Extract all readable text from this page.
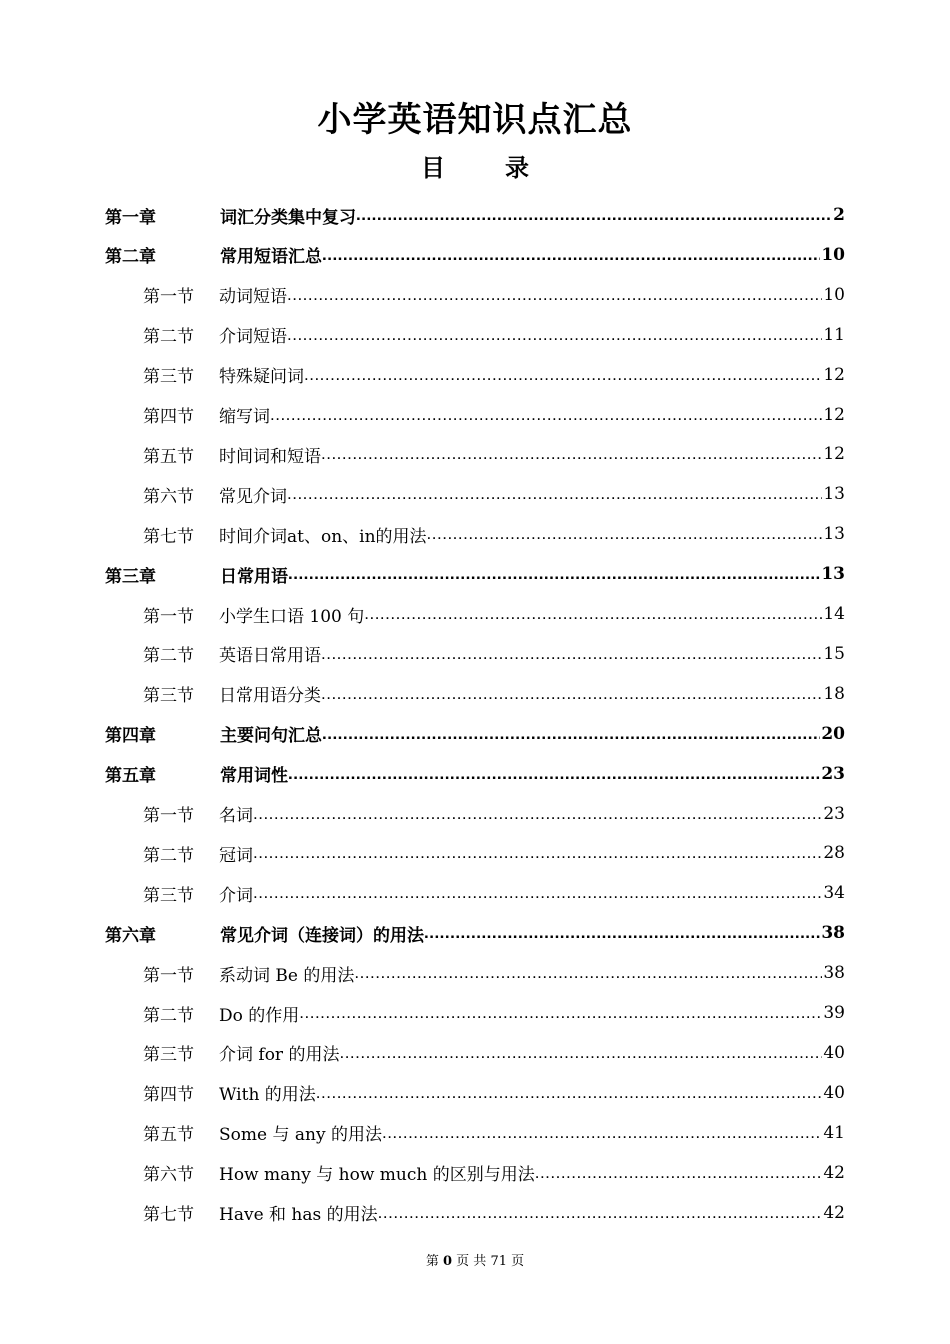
小学英语知识点汇总
目	录
第一章	词汇分类集中复习 .....	2
第二章	常用短语汇总 .....	10
第一节	动词短语 .....	10
第二节	介词短语 .....	11
第三节	特殊疑问词 .....	12
第四节	缩写词 .....	12
第五节	时间词和短语 .....	12
第六节	常见介词 .....	13
第七节	时间介词at、on、in的用法 .....	13
第三章	日常用语 .....	13
第一节	小学生口语 100 句 .....	14
第二节	英语日常用语 .....	15
第三节	日常用语分类 .....	18
第四章	主要问句汇总 .....	20
第五章	常用词性 .....	23
第一节	名词 .....	23
第二节	冠词 .....	28
第三节	介词 .....	34
第六章	常见介词（连接词）的用法 .....	38
第一节	系动词 Be 的用法 .....	38
第二节	Do 的作用 .....	39
第三节	介词 for 的用法 .....	40
第四节	With 的用法 .....	40
第五节	Some 与 any 的用法 .....	41
第六节	How many 与 how much 的区别与用法 .....	42
第七节	Have 和 has 的用法 .....	42
第 0 页 共 71 页
